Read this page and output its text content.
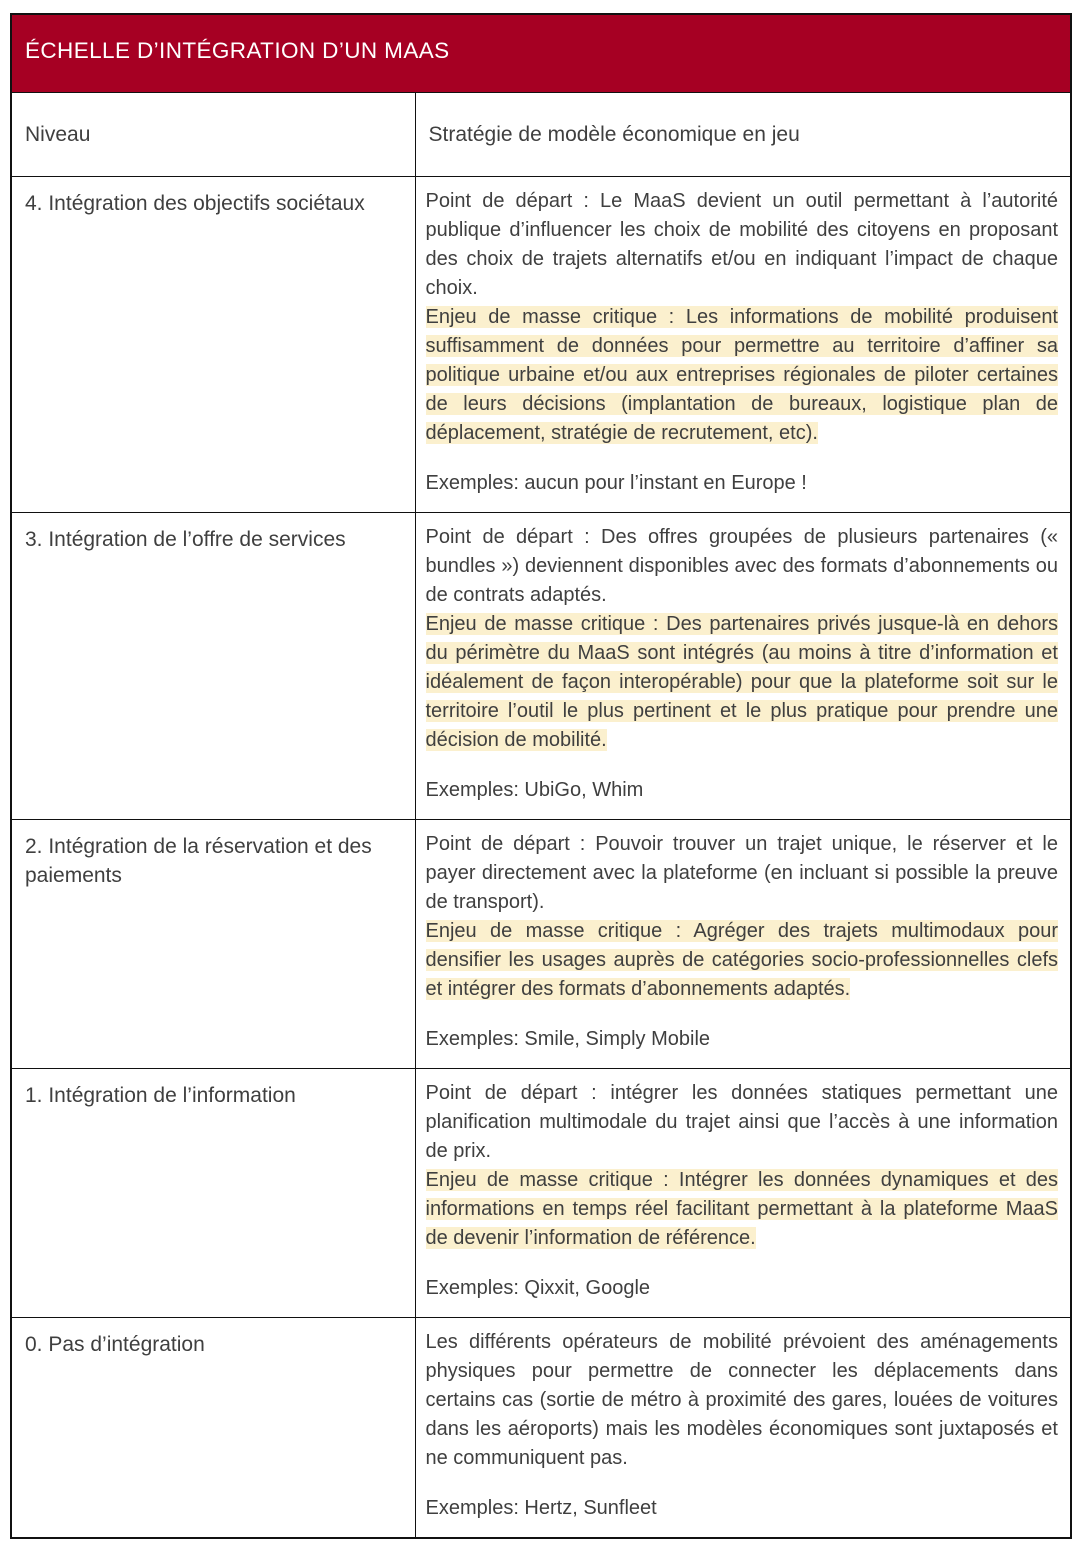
ÉCHELLE D’INTÉGRATION D’UN MAAS	
Niveau	Stratégie de modèle économique en jeu
4. Intégration des objectifs sociétaux	Point de départ : Le MaaS devient un outil permettant à l’autorité publique d’influencer les choix de mobilité des citoyens en proposant des choix de trajets alternatifs et/ou en indiquant l’impact de chaque choix.

Enjeu de masse critique : Les informations de mobilité produisent suffisamment de données pour permettre au territoire d’affiner sa politique urbaine et/ou aux entreprises régionales de piloter certaines de leurs décisions (implantation de bureaux, logistique plan de déplacement, stratégie de recrutement, etc).

Exemples: aucun pour l’instant en Europe !

3. Intégration de l’offre de services	Point de départ : Des offres groupées de plusieurs partenaires (« bundles ») deviennent disponibles avec des formats d’abonnements ou de contrats adaptés.

Enjeu de masse critique : Des partenaires privés jusque-là en dehors du périmètre du MaaS sont intégrés (au moins à titre d’information et idéalement de façon interopérable) pour que la plateforme soit sur le territoire l’outil le plus pertinent et le plus pratique pour prendre une décision de mobilité.

Exemples: UbiGo, Whim

2. Intégration de la réservation et des paiements	Point de départ : Pouvoir trouver un trajet unique, le réserver et le payer directement avec la plateforme (en incluant si possible la preuve de transport).

Enjeu de masse critique : Agréger des trajets multimodaux pour densifier les usages auprès de catégories socio-professionnelles clefs et intégrer des formats d’abonnements adaptés.

Exemples: Smile, Simply Mobile

1. Intégration de l’information	Point de départ : intégrer les données statiques permettant une planification multimodale du trajet ainsi que l’accès à une information de prix.

Enjeu de masse critique : Intégrer les données dynamiques et des informations en temps réel facilitant permettant à la plateforme MaaS de devenir l’information de référence.

Exemples: Qixxit, Google

0. Pas d’intégration	Les différents opérateurs de mobilité prévoient des aménagements physiques pour permettre de connecter les déplacements dans certains cas (sortie de métro à proximité des gares, louées de voitures dans les aéroports) mais les modèles économiques sont juxtaposés et ne communiquent pas.

Exemples: Hertz, Sunfleet
